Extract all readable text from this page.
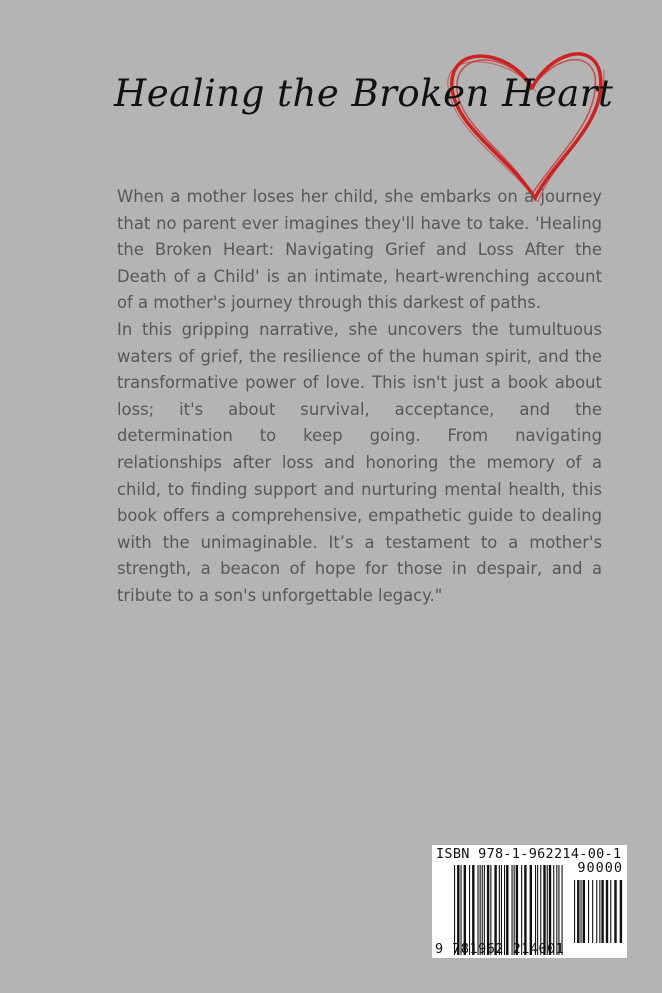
Healing the Broken Heart

When a mother loses her child, she embarks on a journey that no parent ever imagines they'll have to take. 'Healing the Broken Heart: Navigating Grief and Loss After the Death of a Child' is an intimate, heart-wrenching account of a mother's journey through this darkest of paths.

In this gripping narrative, she uncovers the tumultuous waters of grief, the resilience of the human spirit, and the transformative power of love. This isn't just a book about loss; it's about survival, acceptance, and the determination to keep going. From navigating relationships after loss and honoring the memory of a child, to finding support and nurturing mental health, this book offers a comprehensive, empathetic guide to dealing with the unimaginable. It’s a testament to a mother's strength, a beacon of hope for those in despair, and a tribute to a son's unforgettable legacy."

ISBN 978-1-962214-00-1
90000
9 781962 214001
